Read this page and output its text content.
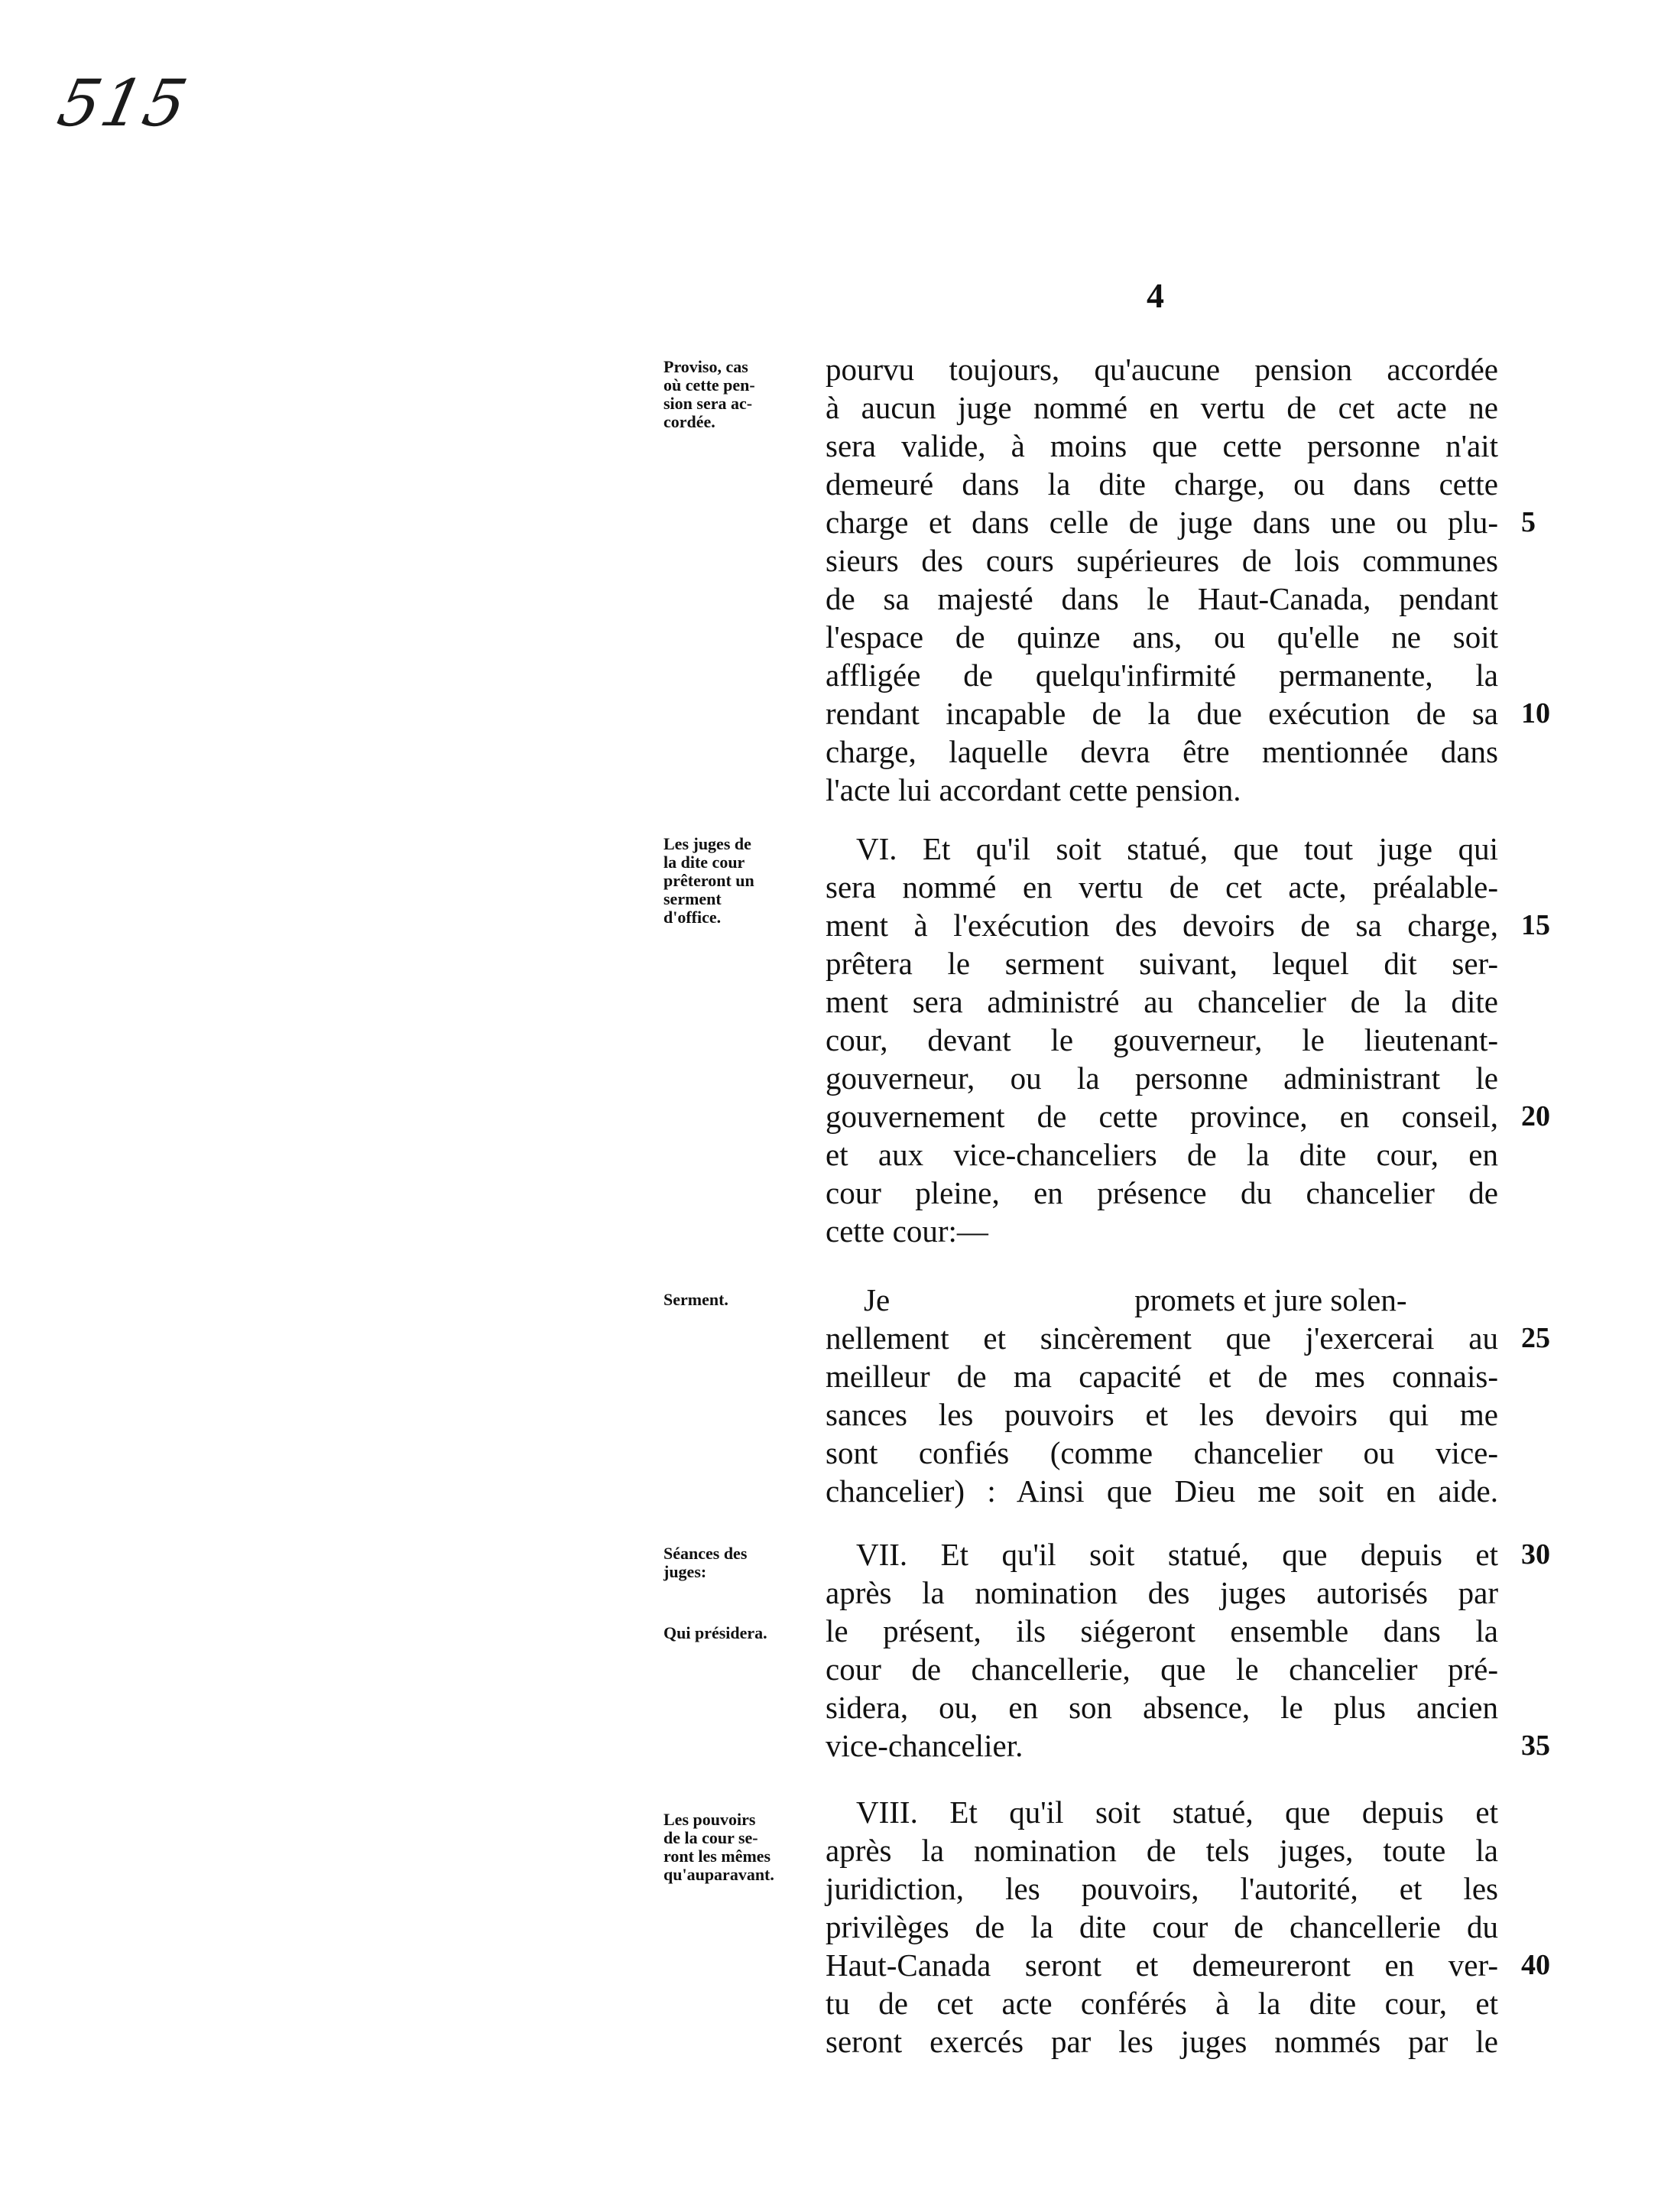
515
4
Proviso, cas
où cette pen-
sion sera ac-
cordée.
pourvu toujours, qu'aucune pension accordée
à aucun juge nommé en vertu de cet acte ne
sera valide, à moins que cette personne n'ait
demeuré dans la dite charge, ou dans cette
charge et dans celle de juge dans une ou plu-
sieurs des cours supérieures de lois communes
de sa majesté dans le Haut-Canada, pendant
l'espace de quinze ans, ou qu'elle ne soit
affligée de quelqu'infirmité permanente, la
rendant incapable de la due exécution de sa
charge, laquelle devra être mentionnée dans
l'acte lui accordant cette pension.
Les juges de
la dite cour
prêteront un
serment
d'office.
VI. Et qu'il soit statué, que tout juge qui
sera nommé en vertu de cet acte, préalable-
ment à l'exécution des devoirs de sa charge,
prêtera le serment suivant, lequel dit ser-
ment sera administré au chancelier de la dite
cour, devant le gouverneur, le lieutenant-
gouverneur, ou la personne administrant le
gouvernement de cette province, en conseil,
et aux vice-chanceliers de la dite cour, en
cour pleine, en présence du chancelier de
cette cour:—
Serment.	Je	promets et jure solen-
nellement et sincèrement que j'exercerai au
meilleur de ma capacité et de mes connais-
sances les pouvoirs et les devoirs qui me
sont confiés (comme chancelier ou vice-
chancelier) : Ainsi que Dieu me soit en aide.
Séances des
juges:
Qui présidera.
VII. Et qu'il soit statué, que depuis et
après la nomination des juges autorisés par
le présent, ils siégeront ensemble dans la
cour de chancellerie, que le chancelier pré-
sidera, ou, en son absence, le plus ancien
vice-chancelier.
Les pouvoirs
de la cour se-
ront les mêmes
qu'auparavant.
VIII. Et qu'il soit statué, que depuis et
après la nomination de tels juges, toute la
juridiction, les pouvoirs, l'autorité, et les
privilèges de la dite cour de chancellerie du
Haut-Canada seront et demeureront en ver-
tu de cet acte conférés à la dite cour, et
seront exercés par les juges nommés par le
5
10
15
20
25
30
35
40
